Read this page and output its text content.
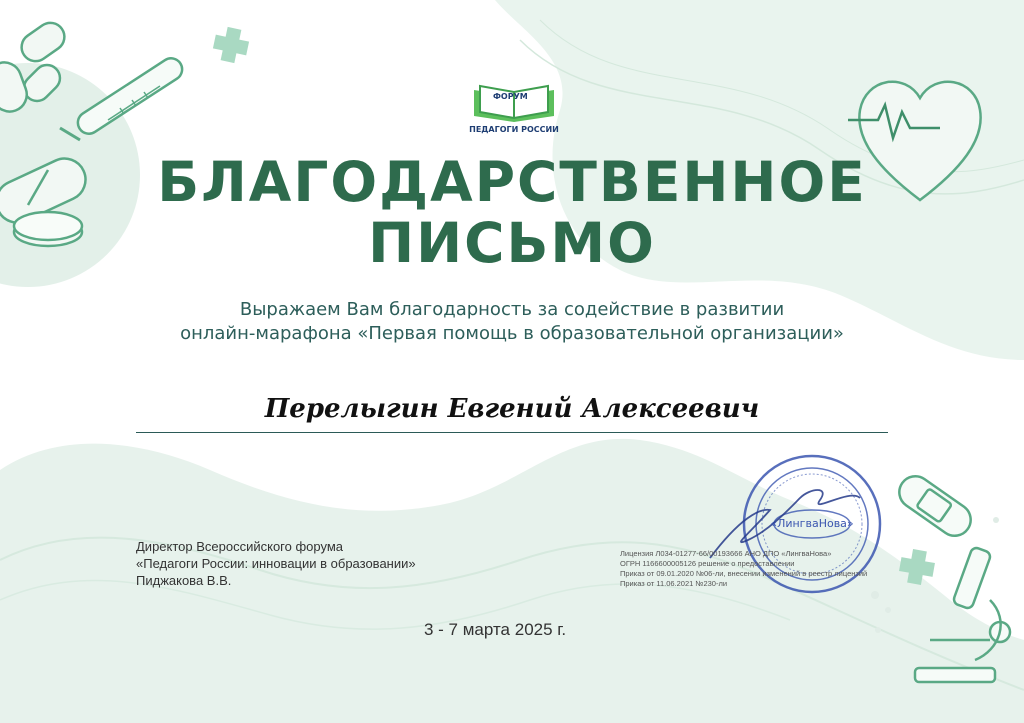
ФОРУМ
ПЕДАГОГИ РОССИИ
БЛАГОДАРСТВЕННОЕ
ПИСЬМО
Выражаем Вам благодарность за содействие в развитии
онлайн-марафона «Первая помощь в образовательной организации»
Перелыгин Евгений Алексеевич
Директор Всероссийского форума
«Педагоги России: инновации в образовании»
Пиджакова В.В.
«ЛингваНова»
Лицензия Л034-01277-66/00193666 АНО ДПО «ЛингваНова»
ОГРН 1166600005126 решение о предоставлении
Приказ от 09.01.2020 №06-ли, внесении изменений в реестр лицензий
Приказ от 11.06.2021 №230-ли
3 - 7 марта 2025 г.
